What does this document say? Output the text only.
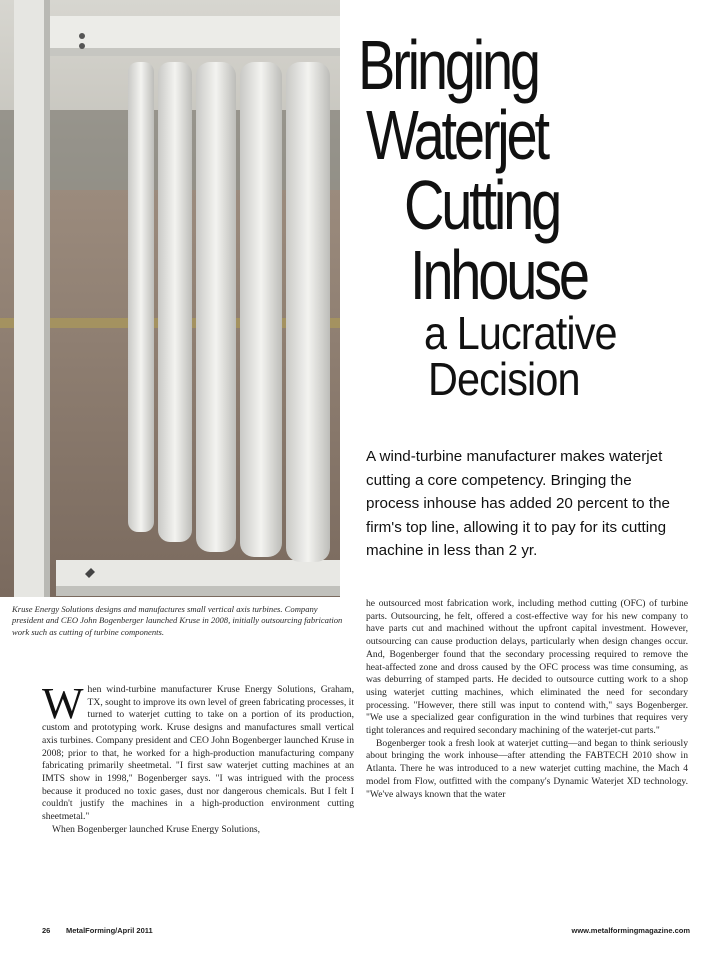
Bringing
Waterjet
Cutting
Inhouse
a Lucrative
Decision
A wind-turbine manufacturer makes waterjet cutting a core competency. Bringing the process inhouse has added 20 percent to the firm's top line, allowing it to pay for its cutting machine in less than 2 yr.
Kruse Energy Solutions designs and manufactures small vertical axis turbines. Company president and CEO John Bogenberger launched Kruse in 2008, initially outsourcing fabrication work such as cutting of turbine components.

When wind-turbine manufacturer Kruse Energy Solutions, Graham, TX, sought to improve its own level of green fabricating processes, it turned to waterjet cutting to take on a portion of its production, custom and prototyping work. Kruse designs and manufactures small vertical axis turbines. Company president and CEO John Bogenberger launched Kruse in 2008; prior to that, he worked for a high-production manufacturing company fabricating primarily sheetmetal. "I first saw waterjet cutting machines at an IMTS show in 1998," Bogenberger says. "I was intrigued with the process because it produced no toxic gases, dust nor dangerous chemicals. But I felt I couldn't justify the machines in a high-production environment cutting sheetmetal."

When Bogenberger launched Kruse Energy Solutions,

he outsourced most fabrication work, including method cutting (OFC) of turbine parts. Outsourcing, he felt, offered a cost-effective way for his new company to have parts cut and machined without the upfront capital investment. However, outsourcing can cause production delays, particularly when design changes occur. And, Bogenberger found that the secondary processing required to remove the heat-affected zone and dross caused by the OFC process was time consuming, as was deburring of stamped parts. He decided to outsource cutting work to a shop using waterjet cutting machines, which eliminated the need for secondary processing. "However, there still was input to contend with," says Bogenberger. "We use a specialized gear configuration in the wind turbines that requires very tight tolerances and required secondary machining of the waterjet-cut parts."

Bogenberger took a fresh look at waterjet cutting—and began to think seriously about bringing the work inhouse—after attending the FABTECH 2010 show in Atlanta. There he was introduced to a new waterjet cutting machine, the Mach 4 model from Flow, outfitted with the company's Dynamic Waterjet XD technology. "We've always known that the water

26 MetalForming/April 2011	www.metalformingmagazine.com
